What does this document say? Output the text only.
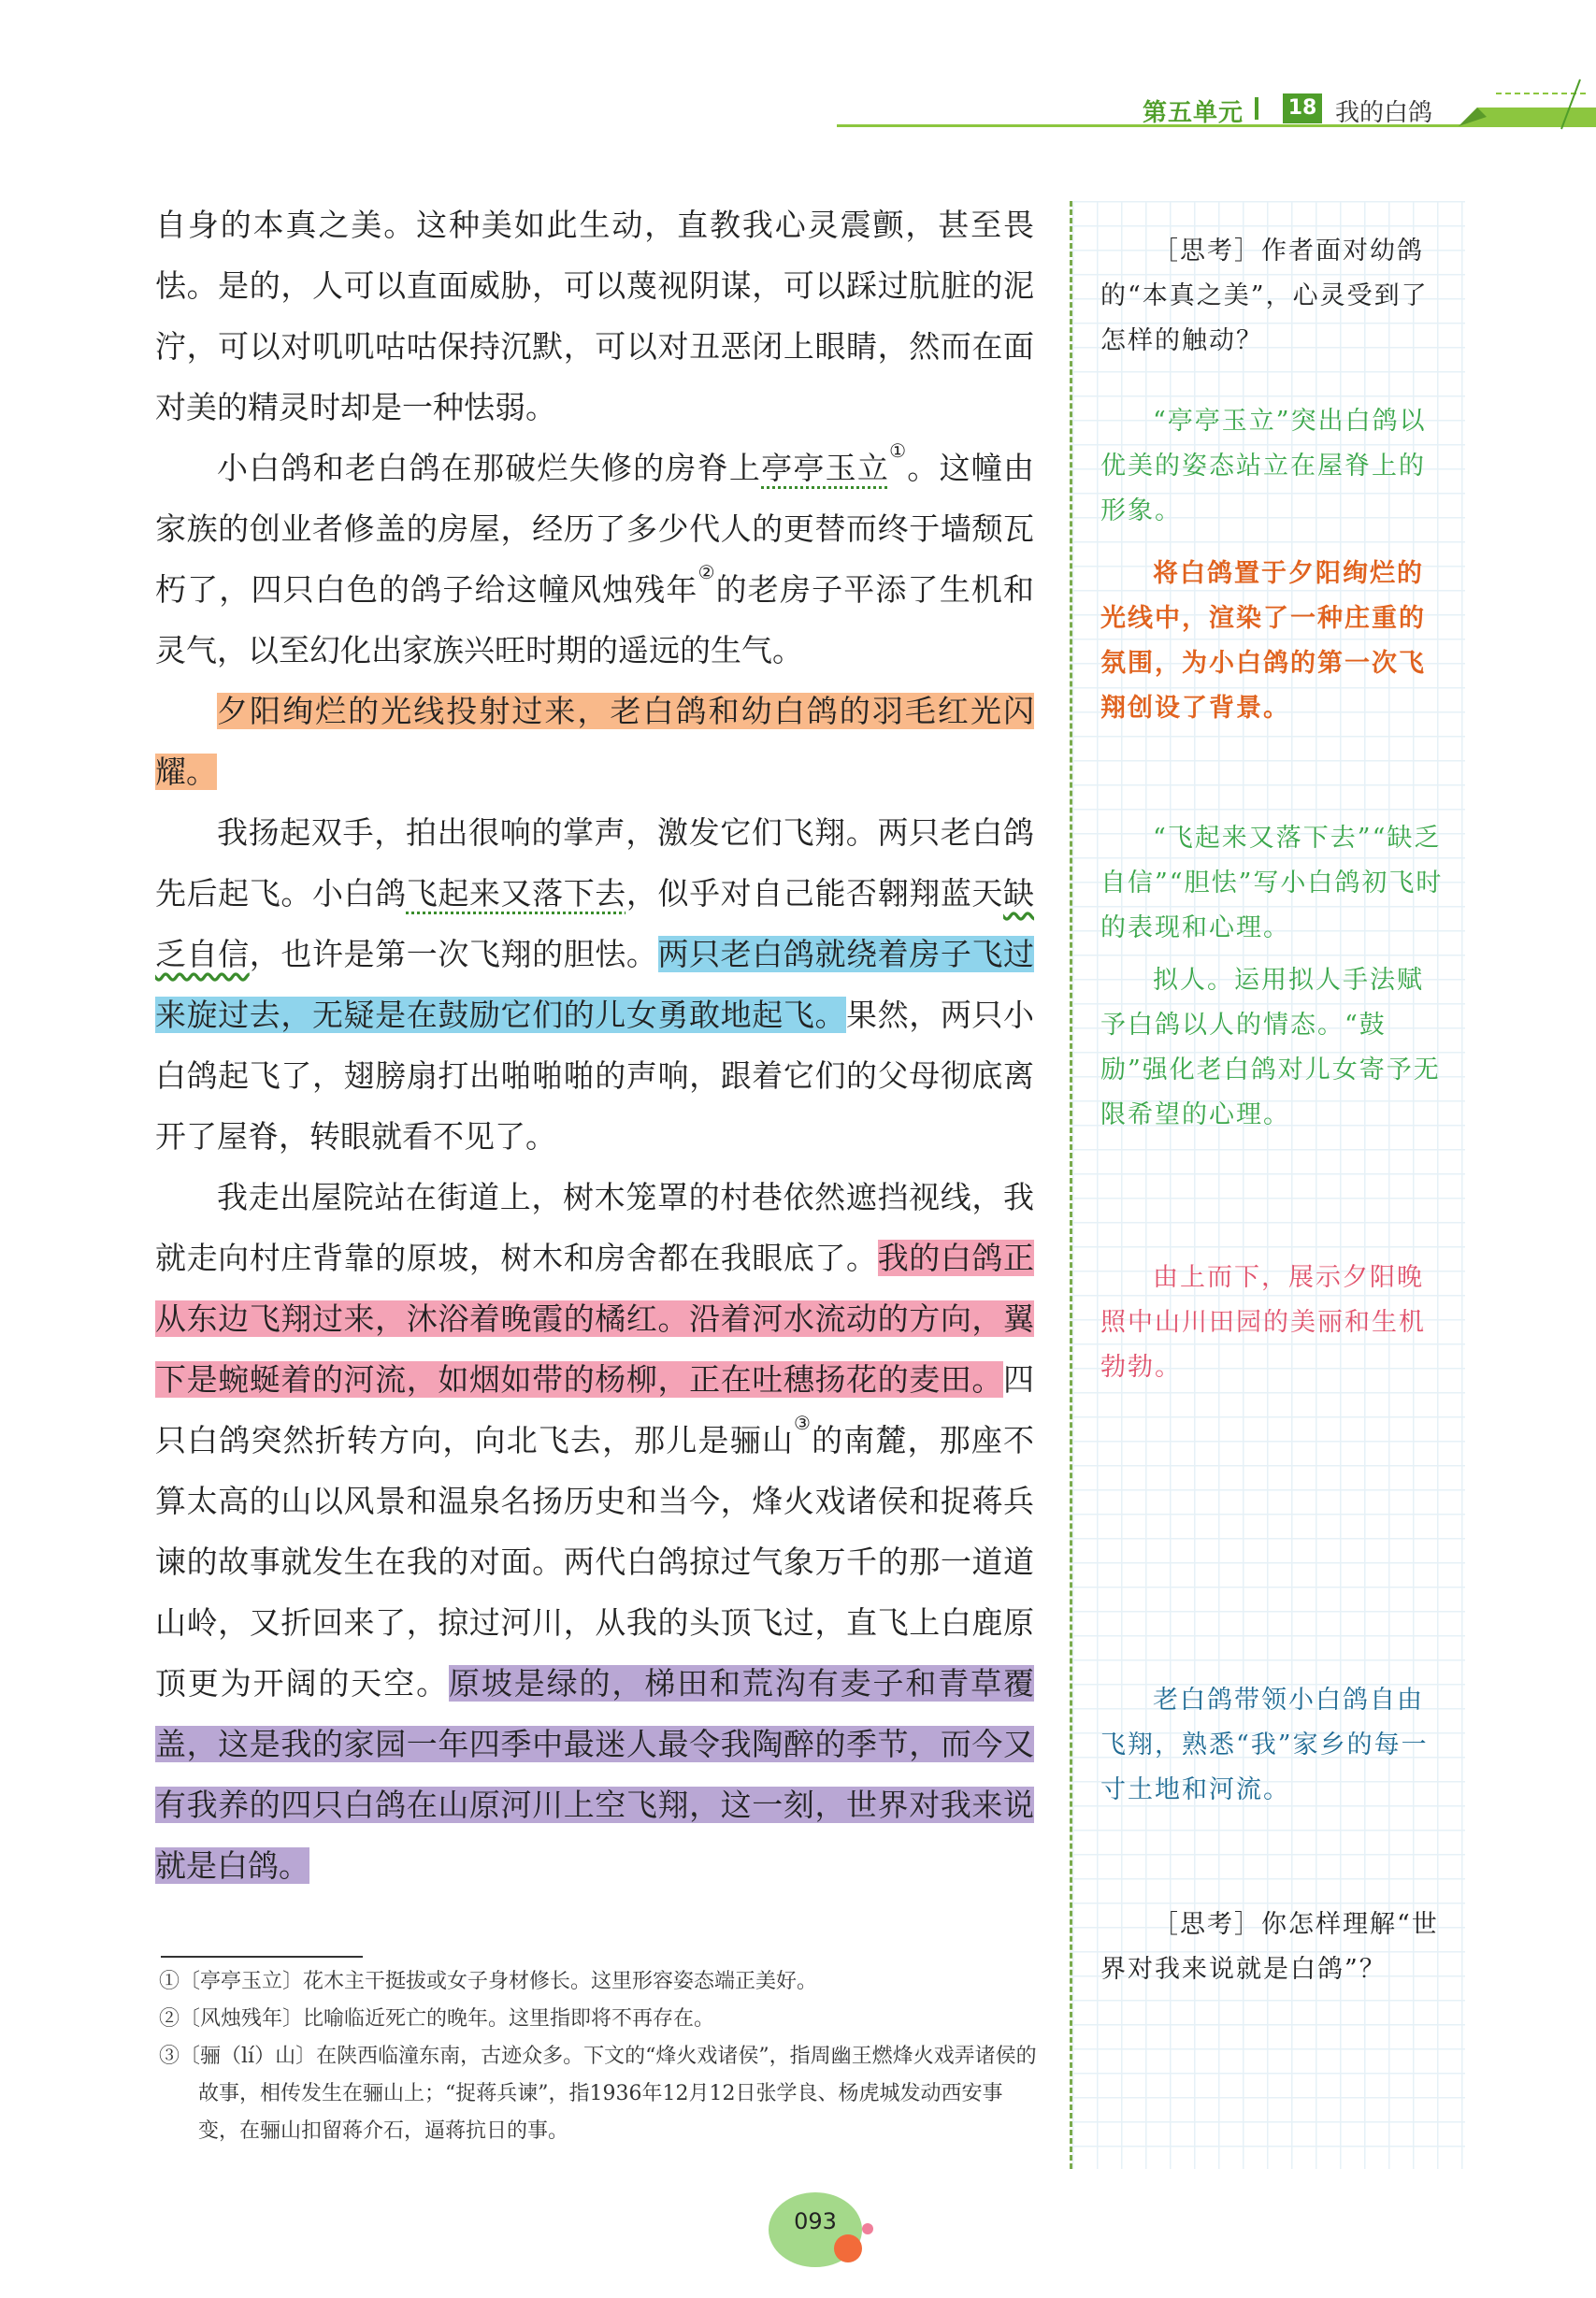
第五单元 18 我的白鸽

自身的本真之美。这种美如此生动，直教我心灵震颤，甚至畏怯。是的，人可以直面威胁，可以蔑视阴谋，可以踩过肮脏的泥泞，可以对叽叽咕咕保持沉默，可以对丑恶闭上眼睛，然而在面对美的精灵时却是一种怯弱。

小白鸽和老白鸽在那破烂失修的房脊上亭亭玉立①。这幢由家族的创业者修盖的房屋，经历了多少代人的更替而终于墙颓瓦朽了，四只白色的鸽子给这幢风烛残年②的老房子平添了生机和灵气，以至幻化出家族兴旺时期的遥远的生气。

夕阳绚烂的光线投射过来，老白鸽和幼白鸽的羽毛红光闪耀。

我扬起双手，拍出很响的掌声，激发它们飞翔。两只老白鸽先后起飞。小白鸽飞起来又落下去，似乎对自己能否翱翔蓝天缺乏自信，也许是第一次飞翔的胆怯。两只老白鸽就绕着房子飞过来旋过去，无疑是在鼓励它们的儿女勇敢地起飞。果然，两只小白鸽起飞了，翅膀扇打出啪啪啪的声响，跟着它们的父母彻底离开了屋脊，转眼就看不见了。

我走出屋院站在街道上，树木笼罩的村巷依然遮挡视线，我就走向村庄背靠的原坡，树木和房舍都在我眼底了。我的白鸽正从东边飞翔过来，沐浴着晚霞的橘红。沿着河水流动的方向，翼下是蜿蜒着的河流，如烟如带的杨柳，正在吐穗扬花的麦田。四只白鸽突然折转方向，向北飞去，那儿是骊山③的南麓，那座不算太高的山以风景和温泉名扬历史和当今，烽火戏诸侯和捉蒋兵谏的故事就发生在我的对面。两代白鸽掠过气象万千的那一道道山岭，又折回来了，掠过河川，从我的头顶飞过，直飞上白鹿原顶更为开阔的天空。原坡是绿的，梯田和荒沟有麦子和青草覆盖，这是我的家园一年四季中最迷人最令我陶醉的季节，而今又有我养的四只白鸽在山原河川上空飞翔，这一刻，世界对我来说就是白鸽。

①〔亭亭玉立〕花木主干挺拔或女子身材修长。这里形容姿态端正美好。

②〔风烛残年〕比喻临近死亡的晚年。这里指即将不再存在。

③〔骊（lí）山〕在陕西临潼东南，古迹众多。下文的“烽火戏诸侯”，指周幽王燃烽火戏弄诸侯的故事，相传发生在骊山上；“捉蒋兵谏”，指1936年12月12日张学良、杨虎城发动西安事变，在骊山扣留蒋介石，逼蒋抗日的事。

［思考］作者面对幼鸽的“本真之美”，心灵受到了怎样的触动？

“亭亭玉立”突出白鸽以优美的姿态站立在屋脊上的形象。

将白鸽置于夕阳绚烂的光线中，渲染了一种庄重的氛围，为小白鸽的第一次飞翔创设了背景。

“飞起来又落下去”“缺乏自信”“胆怯”写小白鸽初飞时的表现和心理。

拟人。运用拟人手法赋予白鸽以人的情态。“鼓励”强化老白鸽对儿女寄予无限希望的心理。

由上而下，展示夕阳晚照中山川田园的美丽和生机勃勃。

老白鸽带领小白鸽自由飞翔，熟悉“我”家乡的每一寸土地和河流。

［思考］你怎样理解“世界对我来说就是白鸽”？

093
